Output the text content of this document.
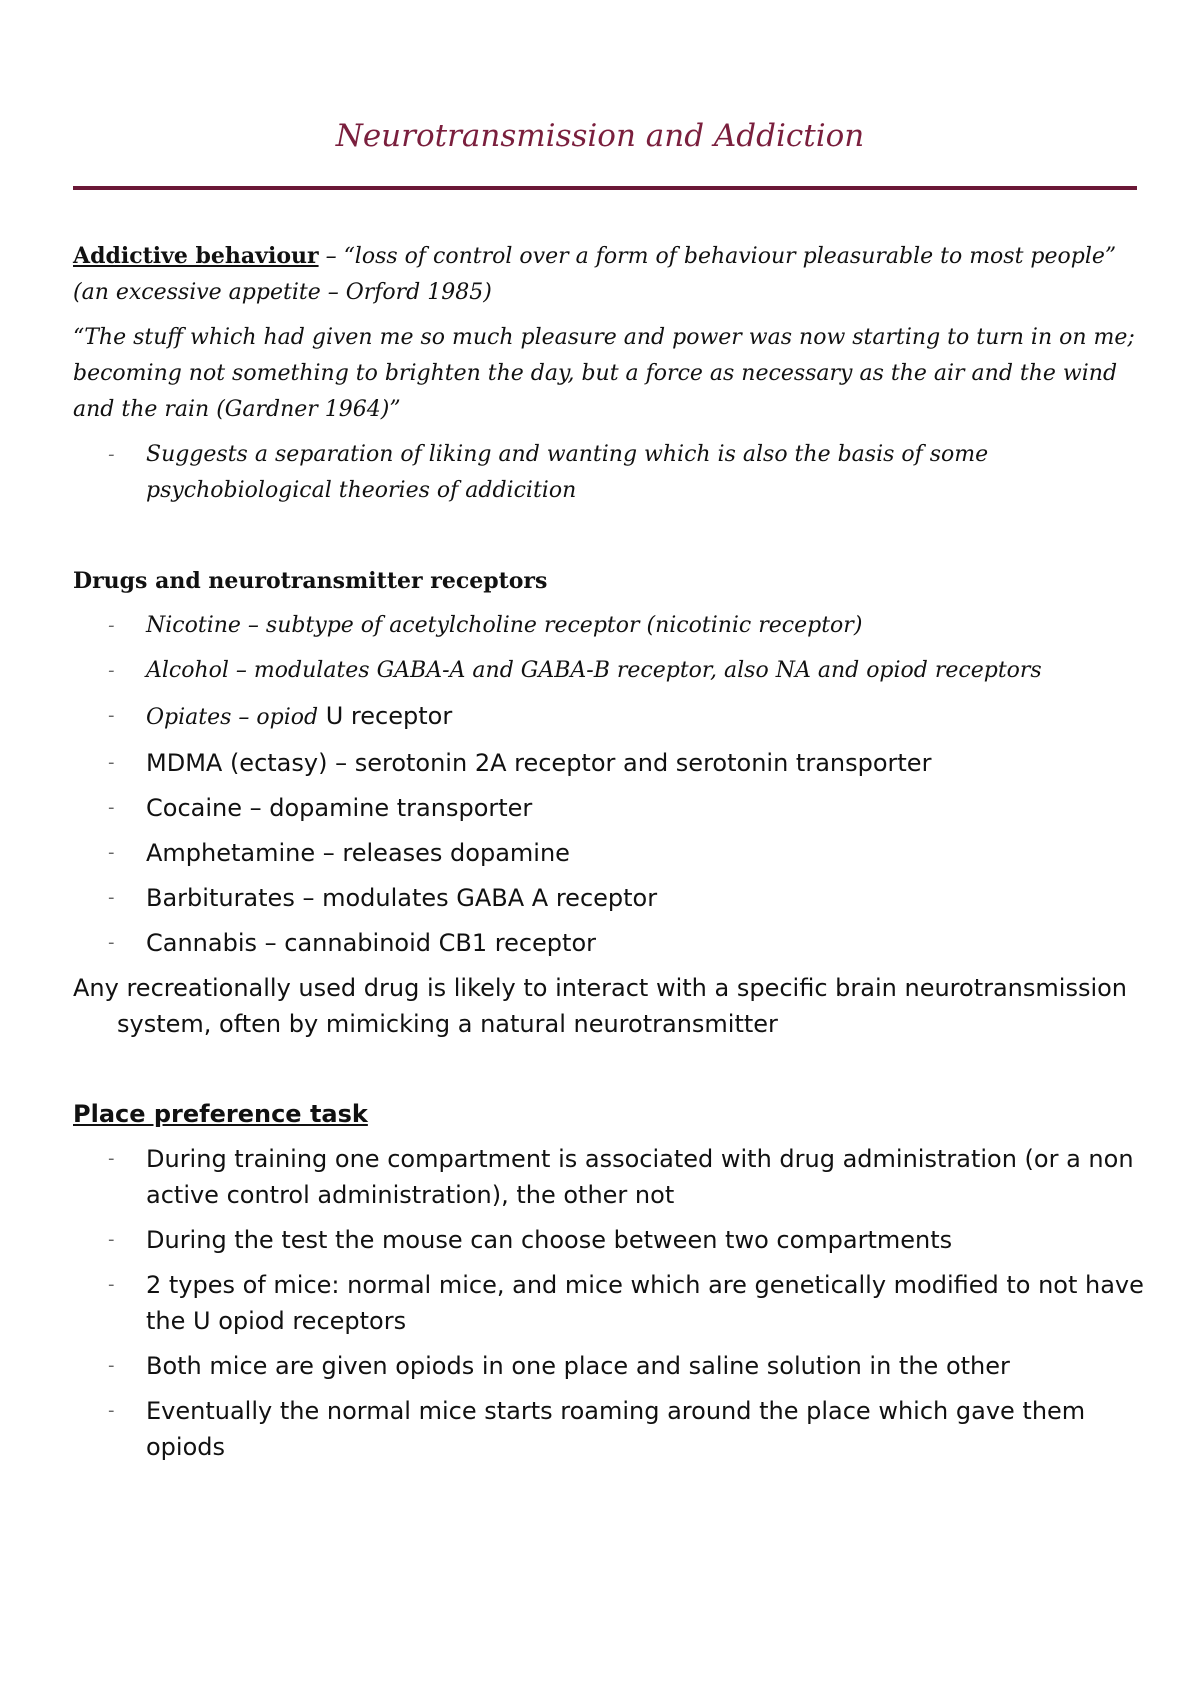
Neurotransmission and Addiction

Addictive behaviour – “loss of control over a form of behaviour pleasurable to most people” (an excessive appetite – Orford 1985)

“The stuff which had given me so much pleasure and power was now starting to turn in on me; becoming not something to brighten the day, but a force as necessary as the air and the wind and the rain (Gardner 1964)”

- Suggests a separation of liking and wanting which is also the basis of some psychobiological theories of addicition

Drugs and neurotransmitter receptors

- Nicotine – subtype of acetylcholine receptor (nicotinic receptor)
- Alcohol – modulates GABA-A and GABA-B receptor, also NA and opiod receptors
- Opiates – opiod U receptor
- MDMA (ectasy) – serotonin 2A receptor and serotonin transporter
- Cocaine – dopamine transporter
- Amphetamine – releases dopamine
- Barbiturates – modulates GABA A receptor
- Cannabis – cannabinoid CB1 receptor

Any recreationally used drug is likely to interact with a specific brain neurotransmission system, often by mimicking a natural neurotransmitter

Place preference task

- During training one compartment is associated with drug administration (or a non active control administration), the other not
- During the test the mouse can choose between two compartments
- 2 types of mice: normal mice, and mice which are genetically modified to not have the U opiod receptors
- Both mice are given opiods in one place and saline solution in the other
- Eventually the normal mice starts roaming around the place which gave them opiods
